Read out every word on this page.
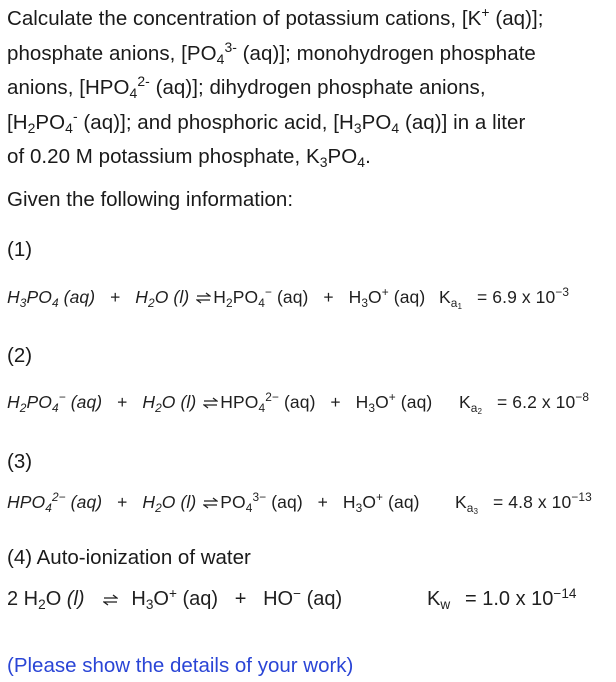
Calculate the concentration of potassium cations, [K+ (aq)];
phosphate anions, [$PO_4^{3-}$ (aq)]; monohydrogen phosphate
anions, [$HPO_4^{2-}$ (aq)]; dihydrogen phosphate anions,
[$H_2PO_4^-$ (aq)]; and phosphoric acid, [$H_3PO_4$ (aq)] in a liter
of 0.20 M potassium phosphate, $K_3PO_4$.
Given the following information:
(1)
$H_3PO_4$ $(aq) + H_2O$ (l) ⇌ $H_2PO_4^-$ $(aq) + H_3O^+$ (aq) $K_{a_1} = 6.9$ x $10^{-3}$
(2)
$H_2PO_4^-$ $(aq) + H_2O$ (l) ⇌ $HPO_4^{2-}$ $(aq) + H_3O^+$ (aq) $K_{a_2} = 6.2$ x $10^{-8}$
(3)
$HPO_4^{2-}$ $(aq) + H_2O$ (l) ⇌ $PO_4^{3-}$ $(aq) + H_3O^+$ (aq) $K_{a_3} = 4.8$ x $10^{-13}$
(4) Auto-ionization of water
2 $H_2O$ (l) ⇌ $H_3O^+$ (aq) + HO− (aq)	$K_w = 1.0$ x $10^{-14}$
(Please show the details of your work)
